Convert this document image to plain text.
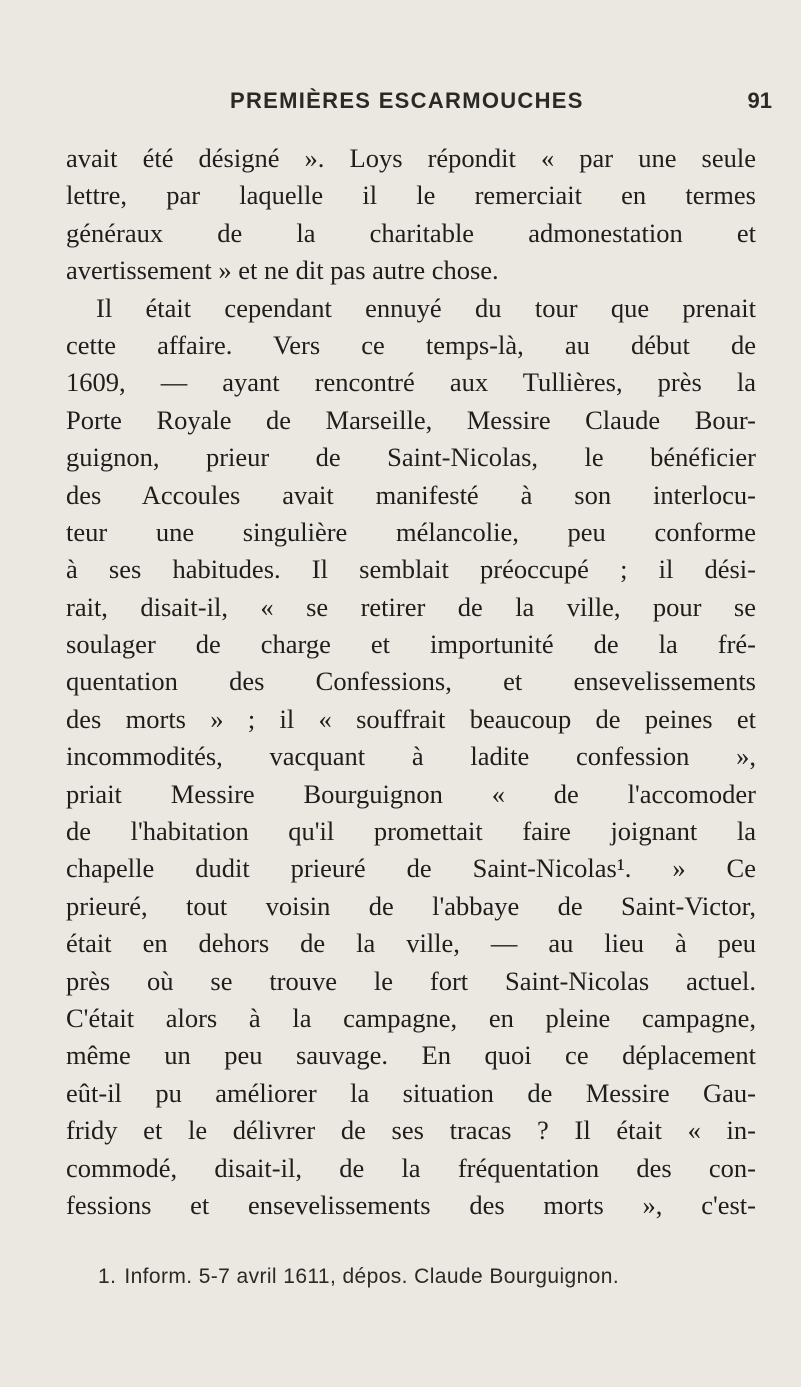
PREMIÈRES ESCARMOUCHES	91
avait été désigné ». Loys répondit « par une seule
lettre, par laquelle il le remerciait en termes
généraux de la charitable admonestation et
avertissement » et ne dit pas autre chose.
Il était cependant ennuyé du tour que prenait
cette affaire. Vers ce temps-là, au début de
1609, — ayant rencontré aux Tullières, près la
Porte Royale de Marseille, Messire Claude Bour-
guignon, prieur de Saint-Nicolas, le bénéficier
des Accoules avait manifesté à son interlocu-
teur une singulière mélancolie, peu conforme
à ses habitudes. Il semblait préoccupé ; il dési-
rait, disait-il, « se retirer de la ville, pour se
soulager de charge et importunité de la fré-
quentation des Confessions, et ensevelissements
des morts » ; il « souffrait beaucoup de peines et
incommodités, vacquant à ladite confession »,
priait Messire Bourguignon « de l'accomoder
de l'habitation qu'il promettait faire joignant la
chapelle dudit prieuré de Saint-Nicolas¹. » Ce
prieuré, tout voisin de l'abbaye de Saint-Victor,
était en dehors de la ville, — au lieu à peu
près où se trouve le fort Saint-Nicolas actuel.
C'était alors à la campagne, en pleine campagne,
même un peu sauvage. En quoi ce déplacement
eût-il pu améliorer la situation de Messire Gau-
fridy et le délivrer de ses tracas ? Il était « in-
commodé, disait-il, de la fréquentation des con-
fessions et ensevelissements des morts », c'est-
1. Inform. 5-7 avril 1611, dépos. Claude Bourguignon.
